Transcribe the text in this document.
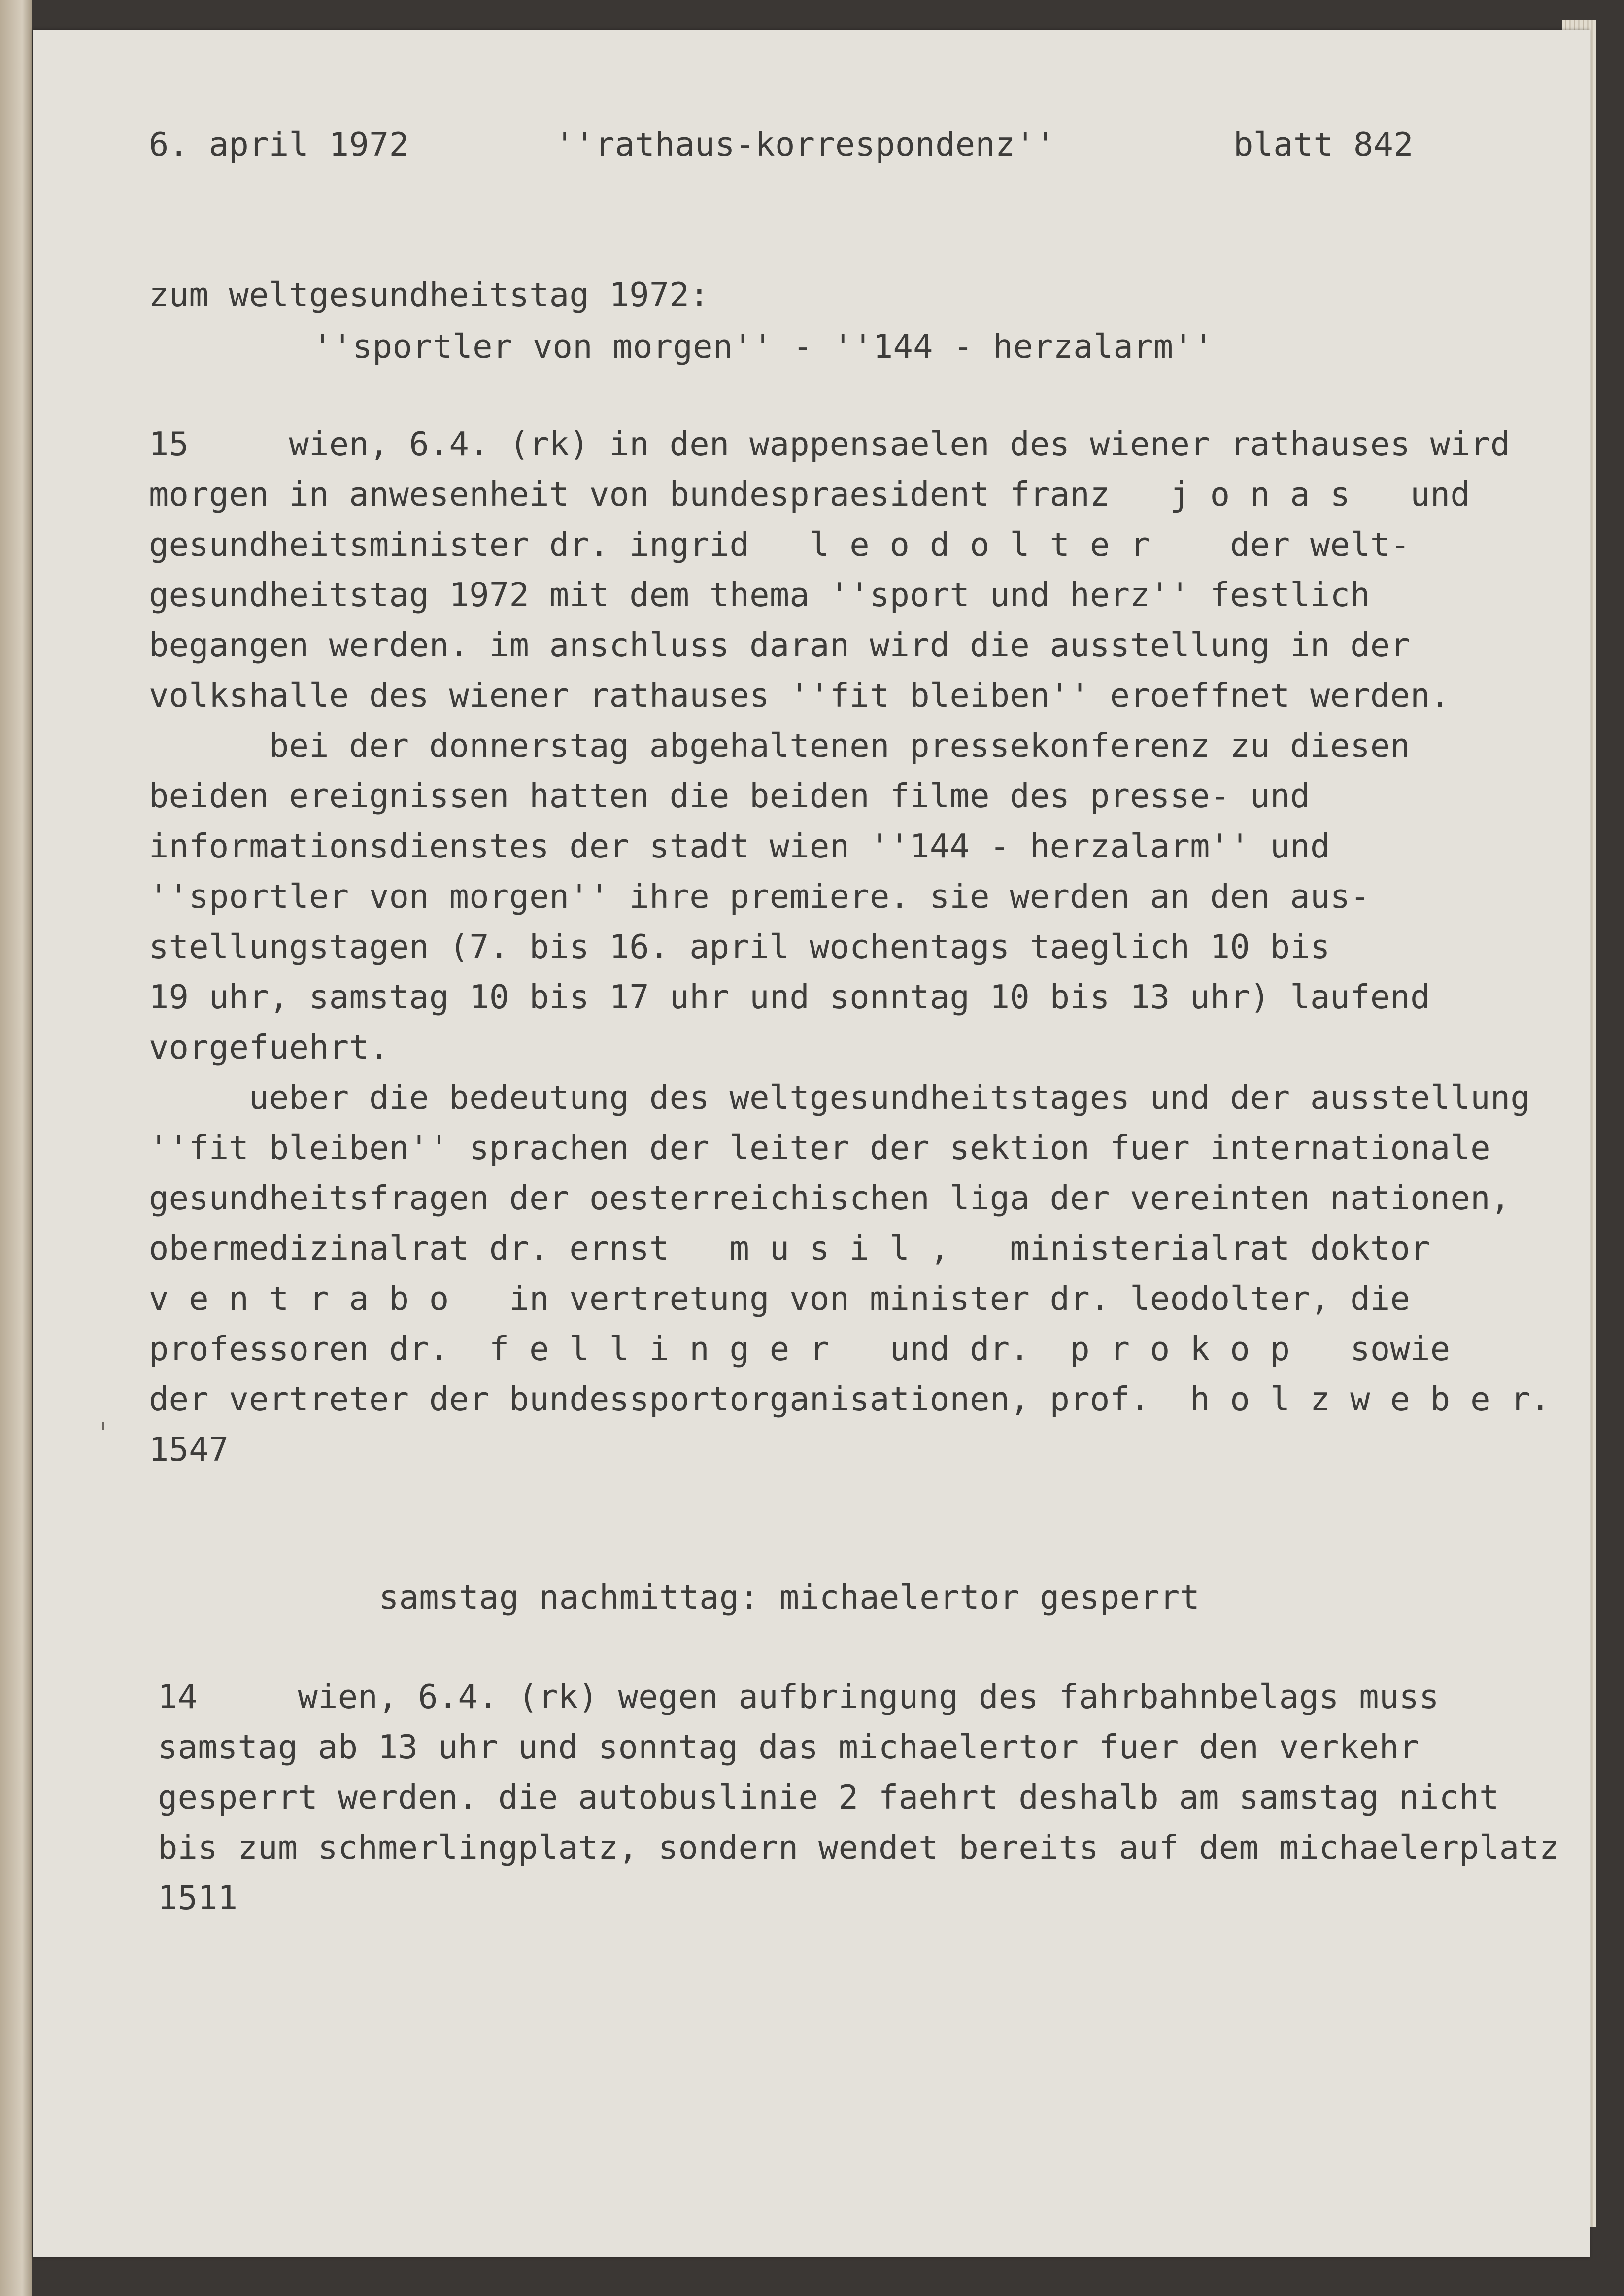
6. april 1972	''rathaus-korrespondenz''	blatt 842

zum weltgesundheitstag 1972:

''sportler von morgen'' - ''144 - herzalarm''

15     wien, 6.4. (rk) in den wappensaelen des wiener rathauses wird

morgen in anwesenheit von bundespraesident franz   j o n a s   und

gesundheitsminister dr. ingrid   l e o d o l t e r    der welt-

gesundheitstag 1972 mit dem thema ''sport und herz'' festlich

begangen werden. im anschluss daran wird die ausstellung in der

volkshalle des wiener rathauses ''fit bleiben'' eroeffnet werden.

bei der donnerstag abgehaltenen pressekonferenz zu diesen

beiden ereignissen hatten die beiden filme des presse- und

informationsdienstes der stadt wien ''144 - herzalarm'' und

''sportler von morgen'' ihre premiere. sie werden an den aus-

stellungstagen (7. bis 16. april wochentags taeglich 10 bis

19 uhr, samstag 10 bis 17 uhr und sonntag 10 bis 13 uhr) laufend

vorgefuehrt.

ueber die bedeutung des weltgesundheitstages und der ausstellung

''fit bleiben'' sprachen der leiter der sektion fuer internationale

gesundheitsfragen der oesterreichischen liga der vereinten nationen,

obermedizinalrat dr. ernst   m u s i l ,   ministerialrat doktor

v e n t r a b o   in vertretung von minister dr. leodolter, die

professoren dr.  f e l l i n g e r   und dr.  p r o k o p   sowie

der vertreter der bundessportorganisationen, prof.  h o l z w e b e r.

1547

samstag nachmittag: michaelertor gesperrt

14     wien, 6.4. (rk) wegen aufbringung des fahrbahnbelags muss

samstag ab 13 uhr und sonntag das michaelertor fuer den verkehr

gesperrt werden. die autobuslinie 2 faehrt deshalb am samstag nicht

bis zum schmerlingplatz, sondern wendet bereits auf dem michaelerplatz

1511
